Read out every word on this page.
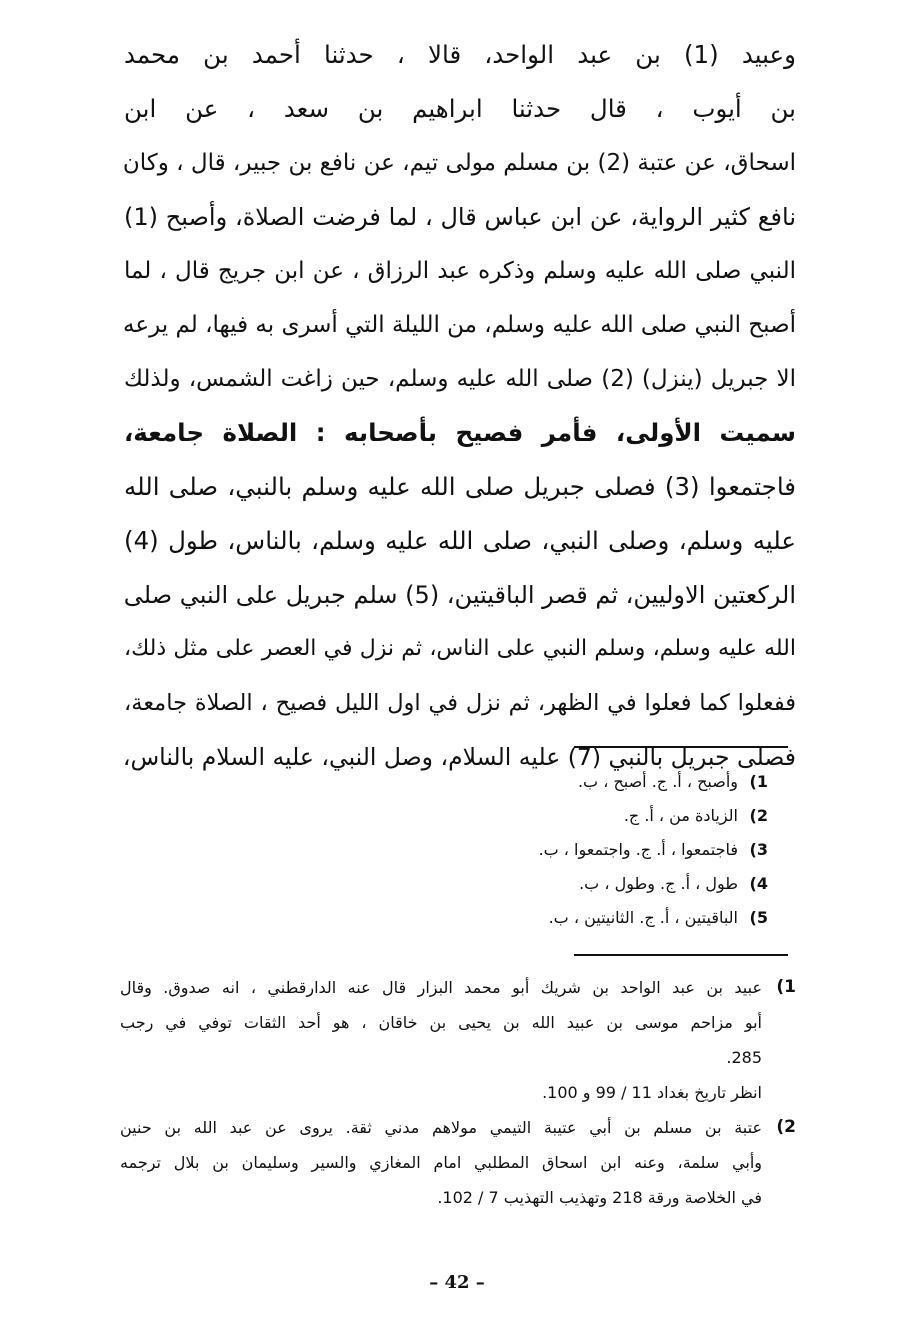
وعبيد (1) بن عبد الواحد، قالا ، حدثنا أحمد بن محمد
بن أيوب ، قال حدثنا ابراهيم بن سعد ، عن ابن
اسحاق، عن عتبة (2) بن مسلم مولى تيم، عن نافع بن جبير، قال ، وكان
نافع كثير الرواية، عن ابن عباس قال ، لما فرضت الصلاة، وأصبح (1)
النبي صلى الله عليه وسلم وذكره عبد الرزاق ، عن ابن جريج قال ، لما
أصبح النبي صلى الله عليه وسلم، من الليلة التي أسرى به فيها، لم يرعه
الا جبريل (ينزل) (2) صلى الله عليه وسلم، حين زاغت الشمس، ولذلك
سميت الأولى، فأمر فصيح بأصحابه : الصلاة جامعة،
فاجتمعوا (3) فصلى جبريل صلى الله عليه وسلم بالنبي، صلى الله
عليه وسلم، وصلى النبي، صلى الله عليه وسلم، بالناس، طول (4)
الركعتين الاوليين، ثم قصر الباقيتين، (5) سلم جبريل على النبي صلى
الله عليه وسلم، وسلم النبي على الناس، ثم نزل في العصر على مثل ذلك،
ففعلوا كما فعلوا في الظهر، ثم نزل في اول الليل فصيح ، الصلاة جامعة،
فصلى جبريل بالنبي (7) عليه السلام، وصل النبي، عليه السلام بالناس،
1)
وأصبح ، أ. ج. أصبح ، ب.
2)
الزيادة من ، أ. ج.
3)
فاجتمعوا ، أ. ج. واجتمعوا ، ب.
4)
طول ، أ. ج. وطول ، ب.
5)
الباقيتين ، أ. ج. الثانيتين ، ب.
1)
عبيد بن عبد الواحد بن شريك أبو محمد البزار قال عنه الدارقطني ، انه صدوق. وقال
أبو مزاحم موسى بن عبيد الله بن يحيى بن خاقان ، هو أحد الثقات توفي في رجب
285.
انظر تاريخ بغداد 11 / 99 و 100.
2)
عتبة بن مسلم بن أبي عتيبة التيمي مولاهم مدني ثقة. يروى عن عبد الله بن حنين
وأبي سلمة، وعنه ابن اسحاق المطلبي امام المغازي والسير وسليمان بن بلال ترجمه
في الخلاصة ورقة 218 وتهذيب التهذيب 7 / 102.
– 42 –
